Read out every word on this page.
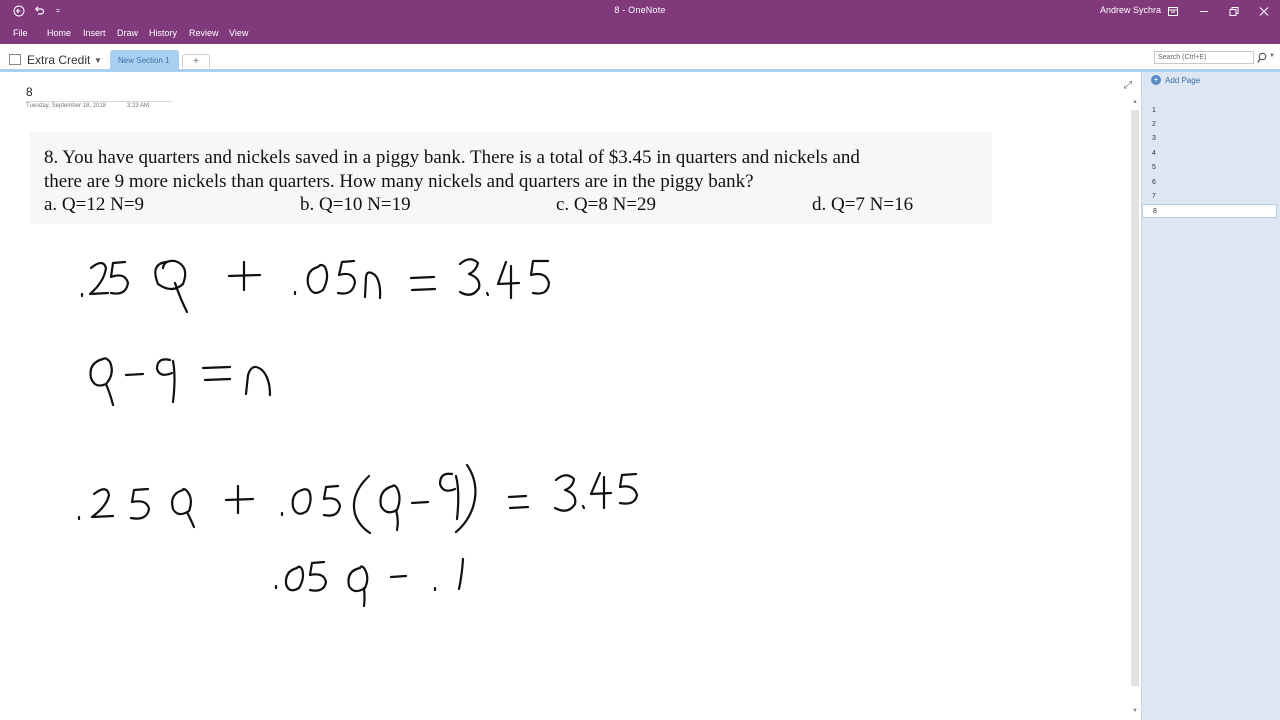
=	8 - OneNote	Andrew Sychra
File Home Insert Draw History Review View
Extra Credit ▼	New Section 1	+	Search (Ctrl+E)	▼
8
Tuesday, September 18, 2018	3:23 AM
⤢
8. You have quarters and nickels saved in a piggy bank. There is a total of $3.45 in quarters and nickels and
there are 9 more nickels than quarters. How many nickels and quarters are in the piggy bank?
a. Q=12 N=9	b. Q=10 N=19	c. Q=8 N=29	d. Q=7 N=16
▲
▼
+ Add Page
1
2
3
4
5
6
7
8
